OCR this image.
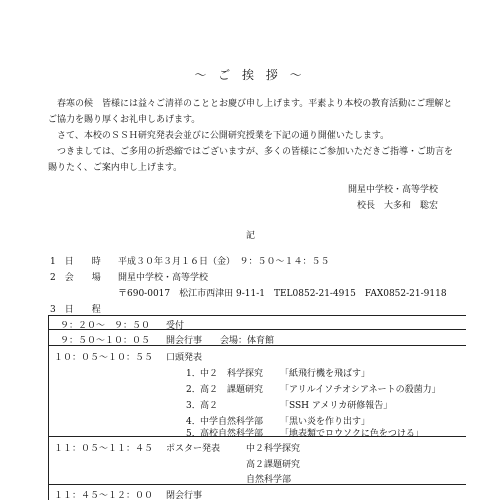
～ ご 挨 拶 ～

春寒の候　皆様には益々ご清祥のこととお慶び申し上げます。平素より本校の教育活動にご理解とご協力を賜り厚くお礼申しあげます。

さて、本校のＳＳＨ研究発表会並びに公開研究授業を下記の通り開催いたします。

つきましては、ご多用の折恐縮ではございますが、多くの皆様にご参加いただきご指導・ご助言を賜りたく、ご案内申し上げます。

開星中学校・高等学校
校長　大多和　聡宏
記
1　日　　時 平成３０年３月１６日（金）　９：５０～１４：５５
2　会　　場 開星中学校・高等学校
〒690-0017　松江市西津田 9-11-1　TEL0852-21-4915　FAX0852-21-9118
3　日　　程
９：２０～　９：５０ 受付
９：５０～１０：０５ 開会行事　　会場：体育館
１０：０５～１０：５５ 口頭発表
1． 中２　科学探究 「紙飛行機を飛ばす」
2． 高２　課題研究 「アリルイソチオシアネートの殺菌力」
3． 高２	「SSH アメリカ研修報告」
4． 中学自然科学部 「黒い炎を作り出す」
5． 高校自然科学部 「地表類でロウソクに色をつける」
１１：０５～１１：４５ ポスター発表	中２科学探究
高２課題研究
自然科学部
１１：４５～１２：００ 閉会行事
